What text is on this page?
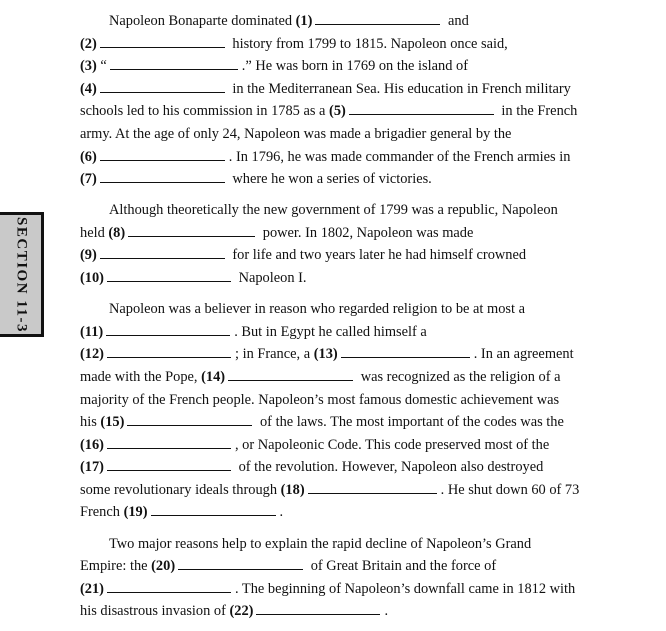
SECTION 11-3
Napoleon Bonaparte dominated (1)	and
(2)	history from 1799 to 1815. Napoleon once said,
(3) “	.” He was born in 1769 on the island of
(4)	in the Mediterranean Sea. His education in French military
schools led to his commission in 1785 as a (5)	in the French
army. At the age of only 24, Napoleon was made a brigadier general by the
(6)	. In 1796, he was made commander of the French armies in
(7)	where he won a series of victories.
Although theoretically the new government of 1799 was a republic, Napoleon
held (8)	power. In 1802, Napoleon was made
(9)	for life and two years later he had himself crowned
(10)	Napoleon I.
Napoleon was a believer in reason who regarded religion to be at most a
(11)	. But in Egypt he called himself a
(12)	; in France, a (13)	. In an agreement
made with the Pope, (14)	was recognized as the religion of a
majority of the French people. Napoleon’s most famous domestic achievement was
his (15)	of the laws. The most important of the codes was the
(16)	, or Napoleonic Code. This code preserved most of the
(17)	of the revolution. However, Napoleon also destroyed
some revolutionary ideals through (18)	. He shut down 60 of 73
French (19)	.
Two major reasons help to explain the rapid decline of Napoleon’s Grand
Empire: the (20)	of Great Britain and the force of
(21)	. The beginning of Napoleon’s downfall came in 1812 with
his disastrous invasion of (22)	.
